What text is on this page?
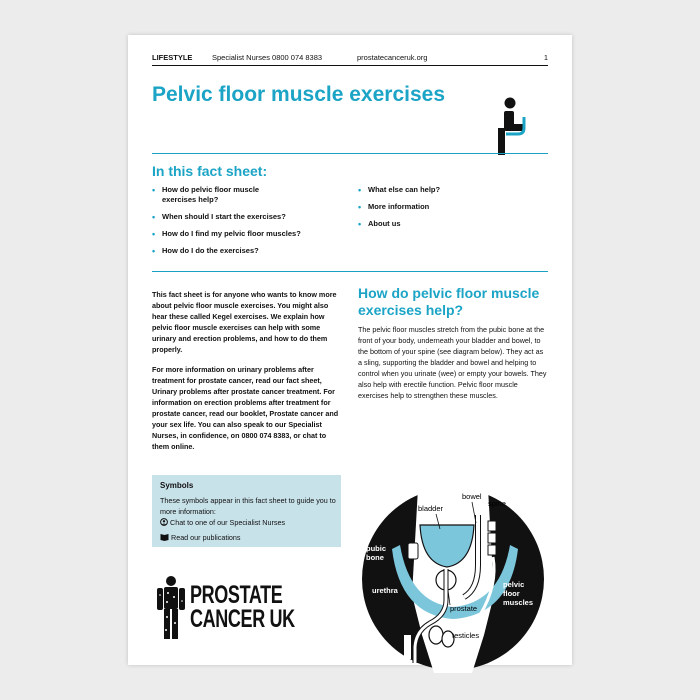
LIFESTYLE	Specialist Nurses 0800 074 8383	prostatecanceruk.org	1
Pelvic floor muscle exercises
In this fact sheet:
• How do pelvic floor muscle exercises help?
• When should I start the exercises?
• How do I find my pelvic floor muscles?
• How do I do the exercises?
• What else can help?
• More information
• About us

This fact sheet is for anyone who wants to know more about pelvic floor muscle exercises. You might also hear these called Kegel exercises. We explain how pelvic floor muscle exercises can help with some urinary and erection problems, and how to do them properly.

For more information on urinary problems after treatment for prostate cancer, read our fact sheet, Urinary problems after prostate cancer treatment. For information on erection problems after treatment for prostate cancer, read our booklet, Prostate cancer and your sex life. You can also speak to our Specialist Nurses, in confidence, on 0800 074 8383, or chat to them online.

Symbols
These symbols appear in this fact sheet to guide you to more information:
Chat to one of our Specialist Nurses
Read our publications
PROSTATE
CANCER UK
How do pelvic floor muscle exercises help?

The pelvic floor muscles stretch from the pubic bone at the front of your body, underneath your bladder and bowel, to the bottom of your spine (see diagram below). They act as a sling, supporting the bladder and bowel and helping to control when you urinate (wee) or empty your bowels. They also help with erectile function. Pelvic floor muscle exercises help to strengthen these muscles.

bladder
bowel
spine
pubic
bone
urethra
prostate
testicles
pelvic
floor
muscles
